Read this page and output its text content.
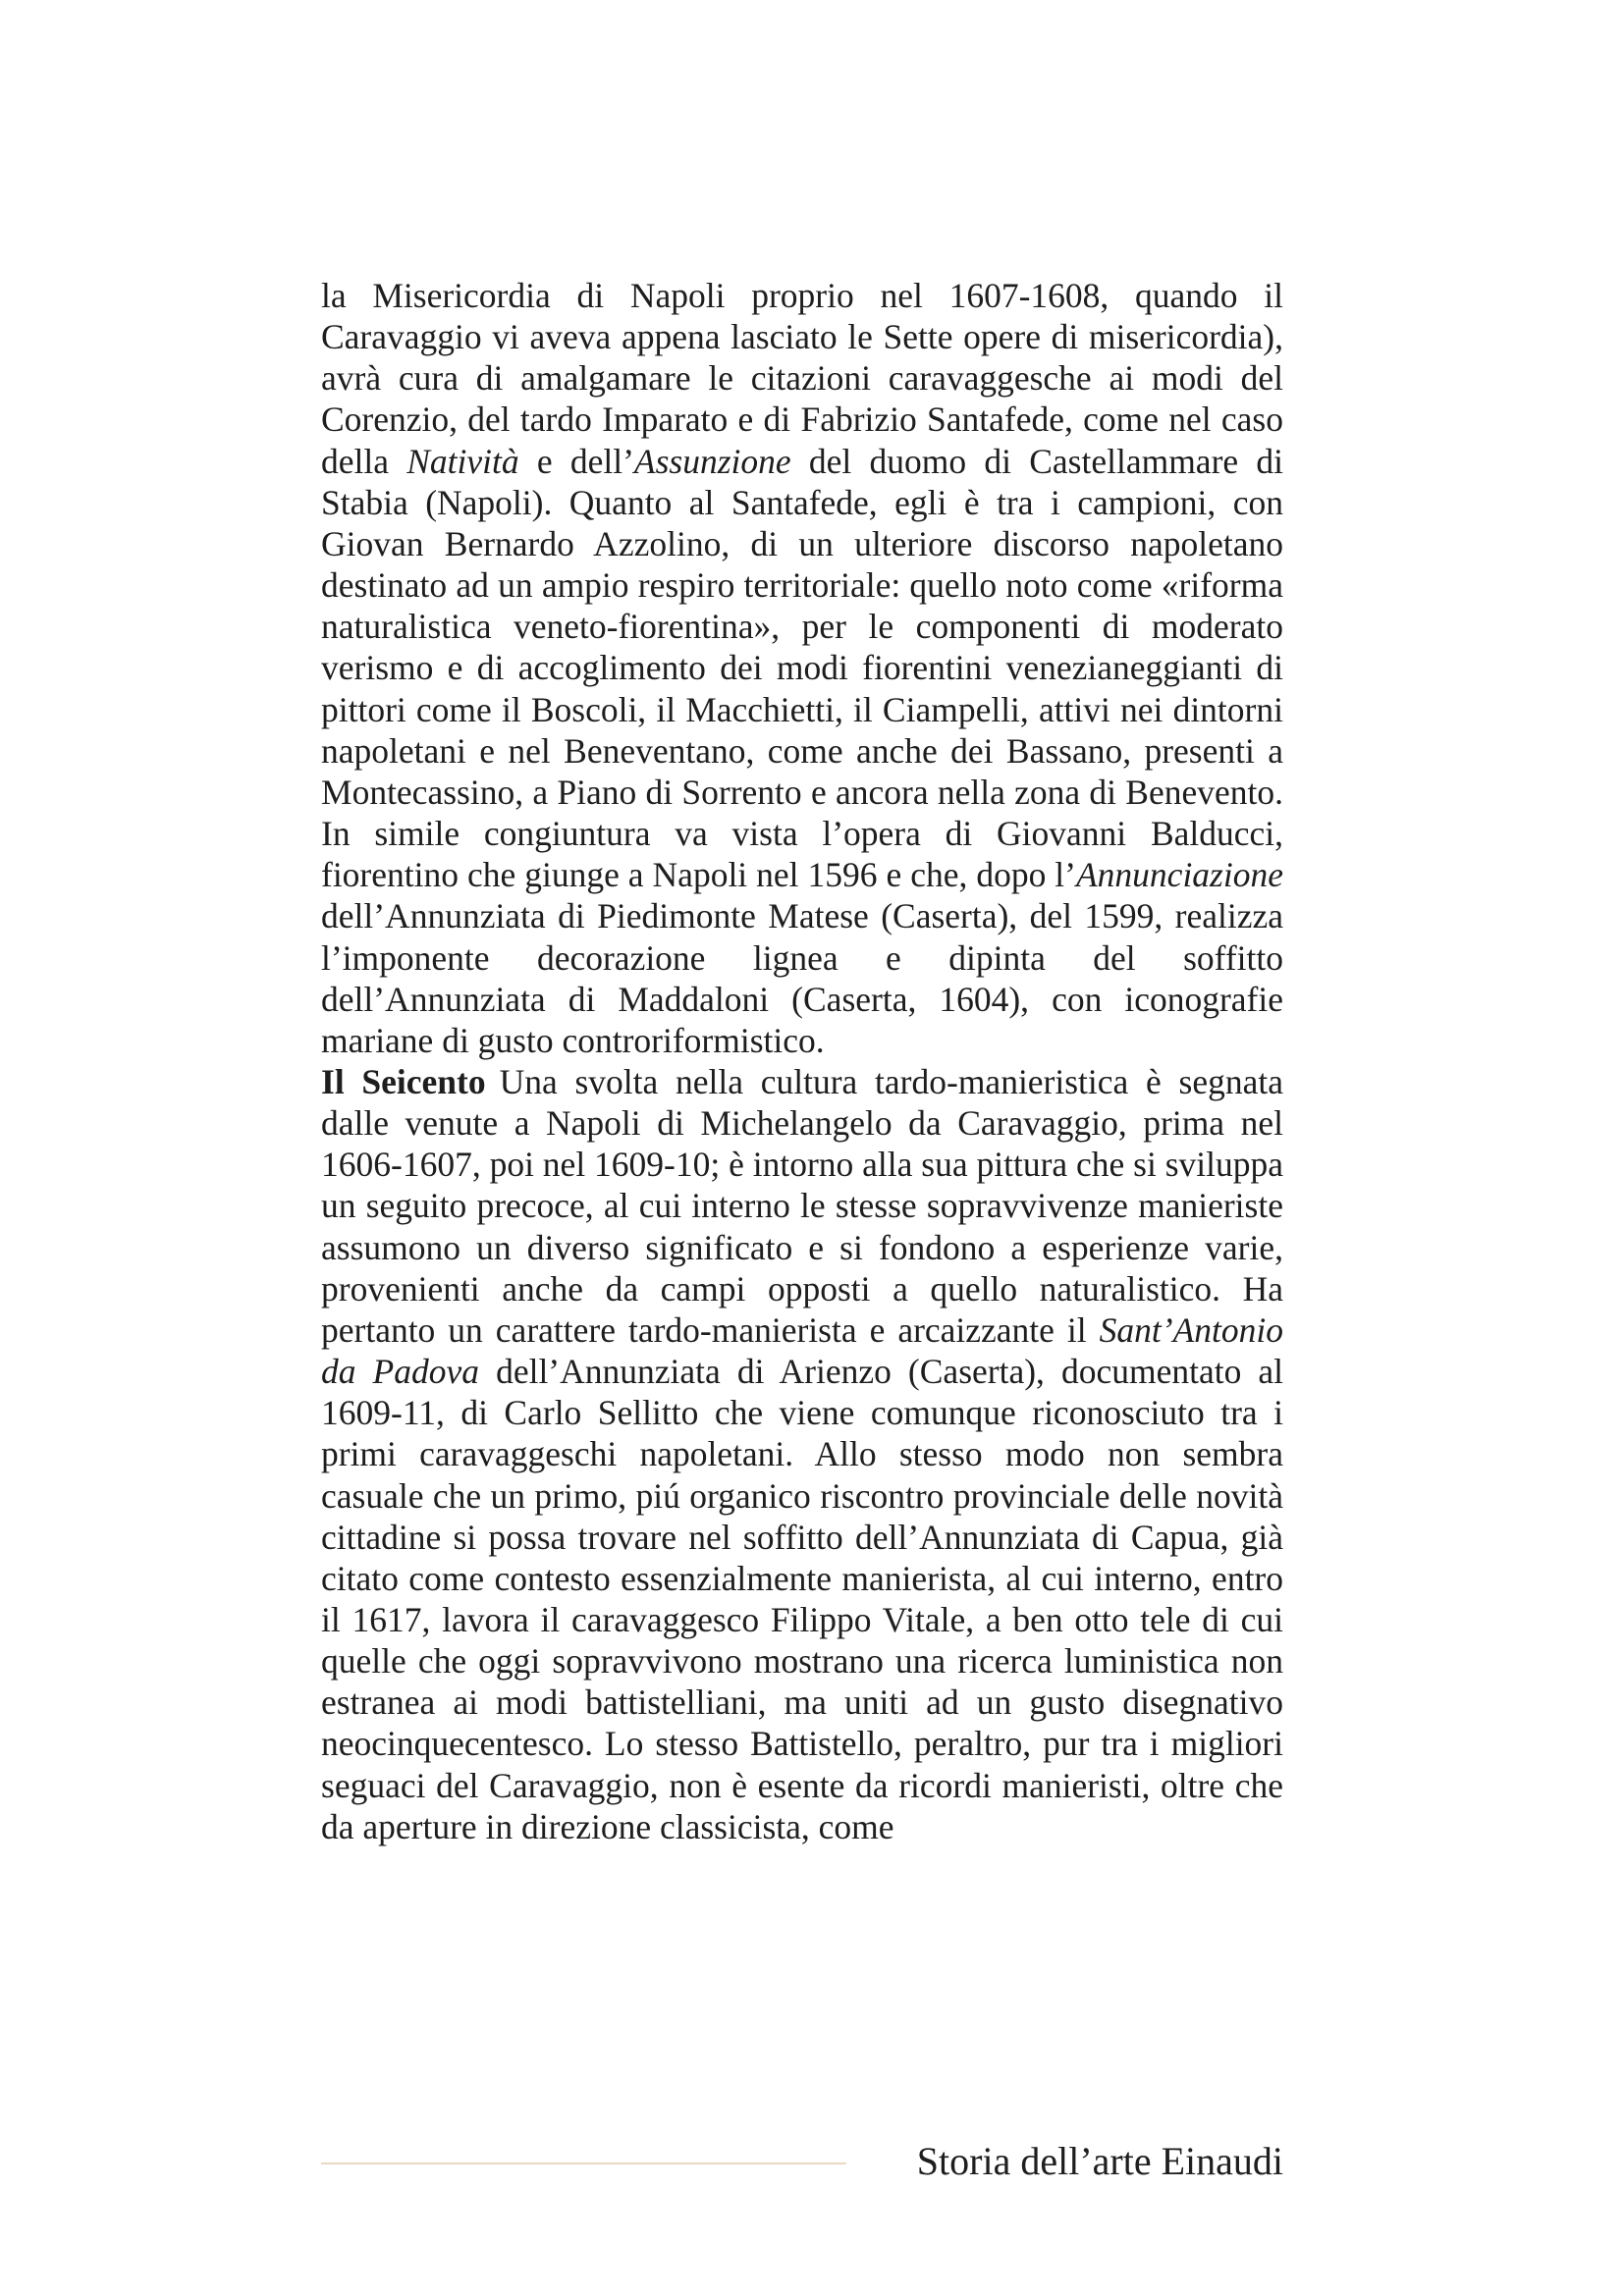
la Misericordia di Napoli proprio nel 1607-1608, quando il Caravaggio vi aveva appena lasciato le Sette opere di misericordia), avrà cura di amalgamare le citazioni caravaggesche ai modi del Corenzio, del tardo Imparato e di Fabrizio Santafede, come nel caso della Natività e dell’Assunzione del duomo di Castellammare di Stabia (Napoli). Quanto al Santafede, egli è tra i campioni, con Giovan Bernardo Azzolino, di un ulteriore discorso napoletano destinato ad un ampio respiro territoriale: quello noto come «riforma naturalistica veneto-fiorentina», per le componenti di moderato verismo e di accoglimento dei modi fiorentini venezianeggianti di pittori come il Boscoli, il Macchietti, il Ciampelli, attivi nei dintorni napoletani e nel Beneventano, come anche dei Bassano, presenti a Montecassino, a Piano di Sorrento e ancora nella zona di Benevento. In simile congiuntura va vista l’opera di Giovanni Balducci, fiorentino che giunge a Napoli nel 1596 e che, dopo l’Annunciazione dell’Annunziata di Piedimonte Matese (Caserta), del 1599, realizza l’imponente decorazione lignea e dipinta del soffitto dell’Annunziata di Maddaloni (Caserta, 1604), con iconografie mariane di gusto controriformistico.

Il Seicento Una svolta nella cultura tardo-manieristica è segnata dalle venute a Napoli di Michelangelo da Caravaggio, prima nel 1606-1607, poi nel 1609-10; è intorno alla sua pittura che si sviluppa un seguito precoce, al cui interno le stesse sopravvivenze manieriste assumono un diverso significato e si fondono a esperienze varie, provenienti anche da campi opposti a quello naturalistico. Ha pertanto un carattere tardo-manierista e arcaizzante il Sant’Antonio da Padova dell’Annunziata di Arienzo (Caserta), documentato al 1609-11, di Carlo Sellitto che viene comunque riconosciuto tra i primi caravaggeschi napoletani. Allo stesso modo non sembra casuale che un primo, piú organico riscontro provinciale delle novità cittadine si possa trovare nel soffitto dell’Annunziata di Capua, già citato come contesto essenzialmente manierista, al cui interno, entro il 1617, lavora il caravaggesco Filippo Vitale, a ben otto tele di cui quelle che oggi sopravvivono mostrano una ricerca luministica non estranea ai modi battistelliani, ma uniti ad un gusto disegnativo neocinquecentesco. Lo stesso Battistello, peraltro, pur tra i migliori seguaci del Caravaggio, non è esente da ricordi manieristi, oltre che da aperture in direzione classicista, come

Storia dell’arte Einaudi
